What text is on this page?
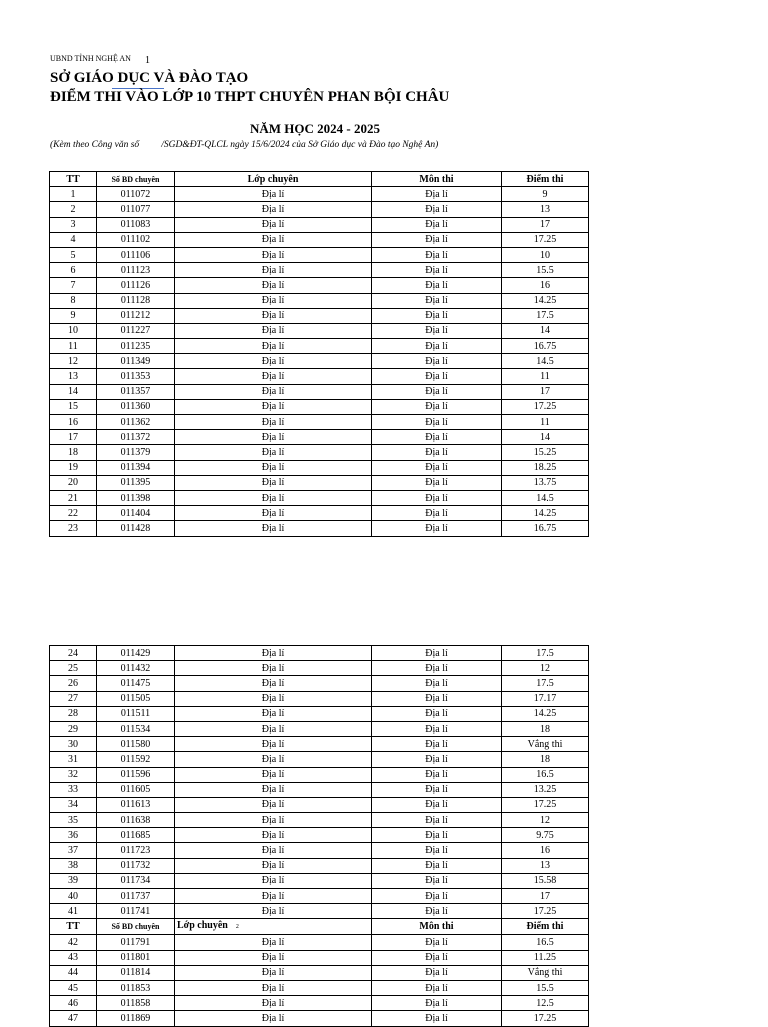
UBND TỈNH NGHỆ AN 1
SỞ GIÁO DỤC VÀ ĐÀO TẠO
ĐIỂM THI VÀO LỚP 10 THPT CHUYÊN PHAN BỘI CHÂU
NĂM HỌC 2024 - 2025
(Kèm theo Công văn số /SGD&ĐT-QLCL ngày 15/6/2024 của Sở Giáo dục và Đào tạo Nghệ An)
TT	Số BD chuyên	Lớp chuyên	Môn thi	Điểm thi
1	011072	Địa lí	Địa lí	9
2	011077	Địa lí	Địa lí	13
3	011083	Địa lí	Địa lí	17
4	011102	Địa lí	Địa lí	17.25
5	011106	Địa lí	Địa lí	10
6	011123	Địa lí	Địa lí	15.5
7	011126	Địa lí	Địa lí	16
8	011128	Địa lí	Địa lí	14.25
9	011212	Địa lí	Địa lí	17.5
10	011227	Địa lí	Địa lí	14
11	011235	Địa lí	Địa lí	16.75
12	011349	Địa lí	Địa lí	14.5
13	011353	Địa lí	Địa lí	11
14	011357	Địa lí	Địa lí	17
15	011360	Địa lí	Địa lí	17.25
16	011362	Địa lí	Địa lí	11
17	011372	Địa lí	Địa lí	14
18	011379	Địa lí	Địa lí	15.25
19	011394	Địa lí	Địa lí	18.25
20	011395	Địa lí	Địa lí	13.75
21	011398	Địa lí	Địa lí	14.5
22	011404	Địa lí	Địa lí	14.25
23	011428	Địa lí	Địa lí	16.75
24	011429	Địa lí	Địa lí	17.5
25	011432	Địa lí	Địa lí	12
26	011475	Địa lí	Địa lí	17.5
27	011505	Địa lí	Địa lí	17.17
28	011511	Địa lí	Địa lí	14.25
29	011534	Địa lí	Địa lí	18
30	011580	Địa lí	Địa lí	Vắng thi
31	011592	Địa lí	Địa lí	18
32	011596	Địa lí	Địa lí	16.5
33	011605	Địa lí	Địa lí	13.25
34	011613	Địa lí	Địa lí	17.25
35	011638	Địa lí	Địa lí	12
36	011685	Địa lí	Địa lí	9.75
37	011723	Địa lí	Địa lí	16
38	011732	Địa lí	Địa lí	13
39	011734	Địa lí	Địa lí	15.58
40	011737	Địa lí	Địa lí	17
41	011741	Địa lí	Địa lí	17.25
TT	Số BD chuyên	Lớp chuyên 2	Môn thi	Điểm thi
42	011791	Địa lí	Địa lí	16.5
43	011801	Địa lí	Địa lí	11.25
44	011814	Địa lí	Địa lí	Vắng thi
45	011853	Địa lí	Địa lí	15.5
46	011858	Địa lí	Địa lí	12.5
47	011869	Địa lí	Địa lí	17.25
